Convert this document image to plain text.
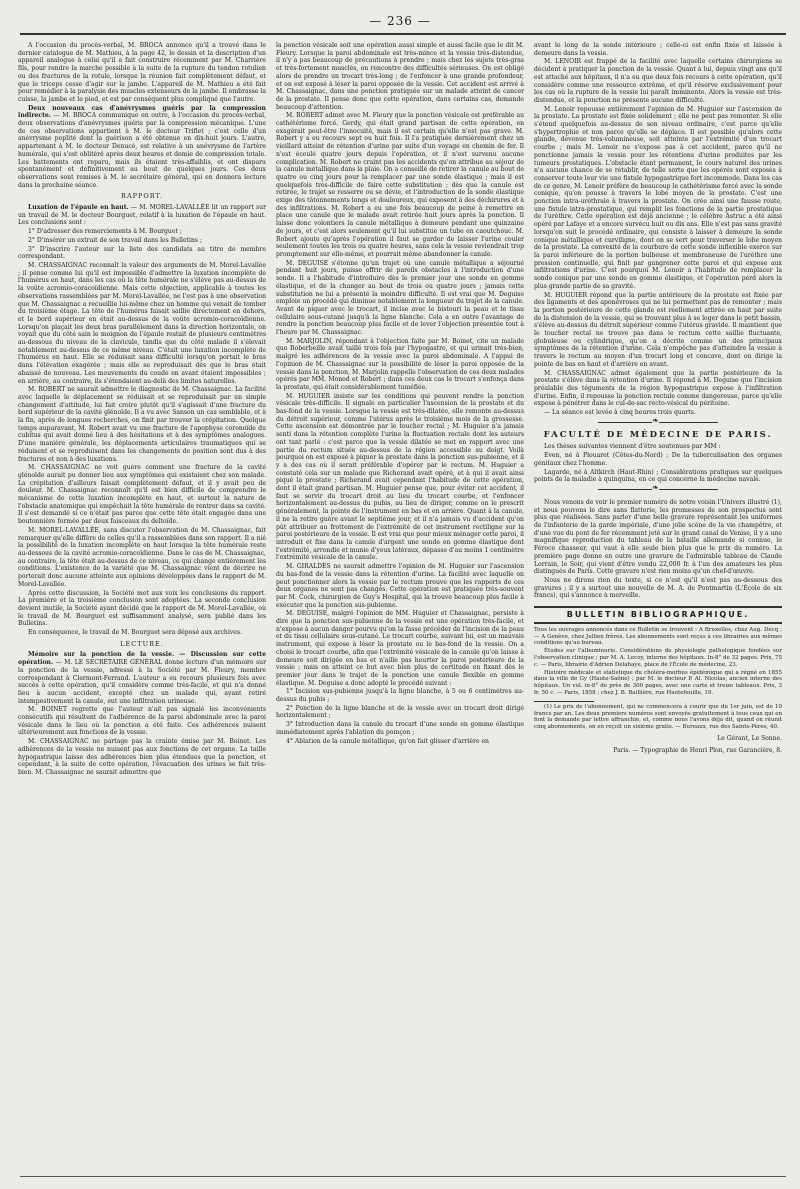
— 236 —

A l'occasion du procès-verbal, M. BROCA annonce qu'il a trouvé dans le dernier catalogue de M. Mathieu, à la page 42, le dessin et la description d'un appareil analogue à celui qu'il a fait construire récemment par M. Charrière fils, pour rendre la marche possible à la suite de la rupture du tendon rotulien ou des fractures de la rotule, lorsque la réunion fait complètement défaut, et que le triceps cesse d'agir sur la jambe. L'appareil de M. Mathieu a été fait pour remédier à la paralysie des muscles extenseurs de la jambe. Il embrasse la cuisse, la jambe et le pied, et est par conséquent plus compliqué que l'autre.

Deux nouveaux cas d'anévrysmes guéris par la compression indirecte. — M. BROCA communique en outre, à l'occasion du procès-verbal, deux observations d'anévrysmes guéris par la compression mécanique. L'une de ces observations appartient à M. le docteur Triflet ; c'est celle d'un anévrysme poplité dont la guérison a été obtenue en dix-huit jours. L'autre, appartenant à M. le docteur Denucé, est relative à un anévrysme de l'artère humérale, qui s'est oblitéré après deux heures et demie de compression totale. Les battements ont reparu, mais ils étaient très-affaiblis, et ont disparu spontanément et définitivement au bout de quelques jours. Ces deux observations sont remises à M. le secrétaire général, qui en donnera lecture dans la prochaine séance.

RAPPORT.

Luxation de l'épaule en haut. — M. MOREL-LAVALLÉE lit un rapport sur un travail de M. le docteur Bourguet, relatif à la luxation de l'épaule en haut. Les conclusions sont :

1° D'adresser des remerciements à M. Bourguet ;

2° D'insérer un extrait de son travail dans les Bulletins ;

3° D'inscrire l'auteur sur la liste des candidats au titre de membre correspondant.

M. CHASSAIGNAC reconnaît la valeur des arguments de M. Morel-Lavallée ; il pense comme lui qu'il est impossible d'admettre la luxation incomplète de l'humérus en haut, dans les cas où la tête humérale ne s'élève pas au-dessus de la voûte acromio-coracoïdienne. Mais cette objection, applicable à toutes les observations rassemblées par M. Morel-Lavallée, ne l'est pas à une observation que M. Chassaignac a recueillie lui-même chez un homme qui venait de tomber du troisième étage. La tête de l'humérus faisait saillie directement en dehors, et le bord supérieur en était au-dessus de la voûte acromio-coracoïdienne. Lorsqu'on plaçait les deux bras parallèlement dans la direction horizontale, on voyait que du côté sain le moignon de l'épaule restait de plusieurs centimètres au-dessous du niveau de la clavicule, tandis que du côté malade il s'élevait notablement au-dessus de ce même niveau. C'était une luxation incomplète de l'humérus en haut. Elle se réduisait sans difficulté lorsqu'on portait le bras dans l'élévation exagérée ; mais elle se reproduisait dès que le bras était abaissé de nouveau. Les mouvements du coude en avant étaient impossibles ; en arrière, au contraire, ils s'étendaient au-delà des limites naturelles.

M. ROBERT ne saurait admettre le diagnostic de M. Chassaignac. La facilité avec laquelle le déplacement se réduisait et se reproduisait par un simple changement d'attitude, lui fait croire plutôt qu'il s'agissait d'une fracture du bord supérieur de la cavité glénoïde. Il a vu avec Sanson un cas semblable, et à la fin, après de longues recherches, on finit par trouver la crépitation. Quelque temps auparavant, M. Robert avait vu une fracture de l'apophyse coronoïde du cubitus qui avait donné lieu à des hésitations et à des symptômes analogues. D'une manière générale, les déplacements articulaires traumatiques qui se réduisent et se reproduisent dans les changements de position sont dus à des fractures et non à des luxations.

M. CHASSAIGNAC ne voit guère comment une fracture de la cavité glénoïde aurait pu donner lieu aux symptômes qui existaient chez son malade. La crépitation d'ailleurs faisait complètement défaut, et il y avait peu de douleur. M. Chassaignac reconnaît qu'il est bien difficile de comprendre le mécanisme de cette luxation incomplète en haut, et surtout la nature de l'obstacle anatomique qui empêchait la tête humérale de rentrer dans sa cavité. Il s'est demandé si ce n'était pas parce que cette tête était engagée dans une boutonnière formée par deux faisceaux du deltoïde.

M. MOREL-LAVALLÉE, sans discuter l'observation de M. Chassaignac, fait remarquer qu'elle diffère de celles qu'il a rassemblées dans son rapport. Il a nié la possibilité de la luxation incomplète en haut lorsque la tête humérale reste au-dessous de la cavité acromio-coracoïdienne. Dans le cas de M. Chassaignac, au contraire, la tête était au-dessus de ce niveau, ce qui change entièrement les conditions. L'existence de la variété que M. Chassaignac vient de décrire ne porterait donc aucune atteinte aux opinions développées dans le rapport de M. Morel-Lavallée.

Après cette discussion, la Société met aux voix les conclusions du rapport. La première et la troisième conclusion sont adoptées. La seconde conclusion devient inutile, la Société ayant décidé que le rapport de M. Morel-Lavallée, où le travail de M. Bourguet est suffisamment analysé, sera publié dans les Bulletins.

En conséquence, le travail de M. Bourguet sera déposé aux archives.

LECTURE.

Mémoire sur la ponction de la vessie. — Discussion sur cette opération. — M. LE SECRÉTAIRE GÉNÉRAL donne lecture d'un mémoire sur la ponction de la vessie, adressé à la Société par M. Fleury, membre correspondant à Clermont-Ferrand. L'auteur a eu recours plusieurs fois avec succès à cette opération, qu'il considère comme très-facile, et qui n'a donné lieu à aucun accident, excepté chez un malade qui, ayant retiré intempestivement la canule, eut une infiltration urineuse.

M. BOINET regrette que l'auteur n'ait pas signalé les inconvénients consécutifs qui résultent de l'adhérence de la paroi abdominale avec la paroi vésicale dans le lieu où la ponction a été faite. Ces adhérences nuisent ultérieurement aux fonctions de la vessie.

M. CHASSAIGNAC ne partage pas la crainte émise par M. Boinet. Les adhérences de la vessie ne nuisent pas aux fonctions de cet organe. La taille hypogastrique laisse des adhérences bien plus étendues que la ponction, et cependant, à la suite de cette opération, l'évacuation des urines se fait très-bien. M. Chassaignac ne saurait admettre que

la ponction vésicale soit une opération aussi simple et aussi facile que le dit M. Fleury. Lorsque la paroi abdominale est très-mince et la vessie très-distendue, il n'y a pas beaucoup de précautions à prendre ; mais chez les sujets très-gras et très-fortement musclés, on rencontre des difficultés sérieuses. On est obligé alors de prendre un trocart très-long ; de l'enfoncer à une grande profondeur, et on est exposé à léser la paroi opposée de la vessie. Cet accident est arrivé à M. Chassaignac, dans une ponction pratiquée sur un malade atteint de cancer de la prostate. Il pense donc que cette opération, dans certains cas, demande beaucoup d'attention.

M. ROBERT admet avec M. Fleury que la ponction vésicale est préférable au cathétérisme forcé. Gerdy, qui était grand partisan de cette opération, en exagérait peut-être l'innocuité, mais il est certain qu'elle n'est pas grave. M. Robert y a eu recours sept ou huit fois. Il l'a pratiquée dernièrement chez un vieillard atteint de rétention d'urine par suite d'un voyage en chemin de fer. Il n'est écoulé quatre jours depuis l'opération, et il n'est survenu aucune complication. M. Robert ne craint pas les accidents qu'on attribue au séjour de la canule métallique dans la plaie. On a conseillé de retirer la canule au bout de quatre ou cinq jours pour la remplacer par une sonde élastique ; mais il est quelquefois très-difficile de faire cette substitution ; dès que la canule est retirée, le trajet se resserre ou se dévie, et l'introduction de la sonde élastique exige des tâtonnements longs et douloureux, qui exposent à des déchirures et à des infiltrations. M. Robert a eu une fois beaucoup de peine à remettre en place une canule que le malade avait retirée huit jours après la ponction. Il laisse donc volontiers la canule métallique à demeure pendant une quinzaine de jours, et c'est alors seulement qu'il lui substitue un tube en caoutchouc. M. Robert ajoute qu'après l'opération il faut se garder de laisser l'urine couler seulement toutes les trois ou quatre heures, sans cela la vessie reviendrait trop promptement sur elle-même, et pourrait même abandonner la canule.

M. DEGUISE s'étonne qu'un trajet où une canule métallique a séjourné pendant huit jours, puisse offrir de pareils obstacles à l'introduction d'une sonde. Il a l'habitude d'introduire dès le premier jour une sonde en gomme élastique, et de la changer au bout de trois ou quatre jours ; jamais cette substitution ne lui a présenté la moindre difficulté. Il est vrai que M. Deguise emploie un procédé qui diminue notablement la longueur du trajet de la canule. Avant de piquer avec le trocart, il incise avec le bistouri la peau et le tissu cellulaire sous-cutané jusqu'à la ligne blanche. Cela a en outre l'avantage de rendre la ponction beaucoup plus facile et de lever l'objection présentée tout à l'heure par M. Chassaignac.

M. MARJOLIN, répondant à l'objection faite par M. Boinet, cite un malade que Roberbeille avait taillé trois fois par l'hypogastre, et qui urinait très-bien, malgré les adhérences de la vessie avec la paroi abdominale. A l'appui de l'opinion de M. Chassaignac sur la possibilité de léser la paroi opposée de la vessie dans la ponction, M. Marjolin rappelle l'observation de ces deux malades opérés par MM. Monod et Robert ; dans ces deux cas le trocart s'enfonça dans la prostate, qui était considérablement tuméfiée.

M. HUGUIER insiste sur les conditions qui peuvent rendre la ponction vésicale très-difficile. Il signale en particulier l'ascension de la prostate et du bas-fond de la vessie. Lorsque la vessie est très-dilatée, elle remonte au-dessus du détroit supérieur, comme l'utérus après le troisième mois de la grossesse. Cette ascension est démontrée par le toucher rectal ; M. Huguier n'a jamais senti dans la rétention complète l'urine la fluctuation rectale dont les auteurs ont tant parlé : c'est parce que la vessie dilatée se met en rapport avec une partie du rectum située au-dessus de la région accessible au doigt. Voilà pourquoi on est exposé à piquer la prostate dans la ponction sus-pubienne, et il y a des cas où il serait préférable d'opérer par le rectum. M. Huguier a constaté cela sur un malade que Richerand avait opéré, et à qui il avait ainsi piqué la prostate ; Richerand avait cependant l'habitude de cette opération, dont il était grand partisan. M. Huguier pense que, pour éviter cet accident, il faut se servir du trocart droit au lieu du trocart courbe, et l'enfoncer horizontalement au-dessus du pubis, au lieu de diriger, comme on le prescrit généralement, la pointe de l'instrument en bas et en arrière. Quant à la canule, il ne la retire guère avant le septième jour, et il n'a jamais vu d'accident qu'on pût attribuer au frottement de l'extrémité de cet instrument rectiligne sur la paroi postérieure de la vessie. Il est vrai que pour mieux ménager cette paroi, il introduit et fixe dans la canule d'argent une sonde en gomme élastique dont l'extrémité, arrondie et munie d'yeux latéraux, dépasse d'au moins 1 centimètre l'extrémité vésicale de la canule.

M. GIRALDÈS ne saurait admettre l'opinion de M. Huguier sur l'ascension du bas-fond de la vessie dans la rétention d'urine. La facilité avec laquelle on peut ponctionner alors la vessie par le rectum prouve que les rapports de ces deux organes ne sont pas changés. Cette opération est pratiquée très-souvent par M. Cock, chirurgien de Guy's Hospital, qui la trouve beaucoup plus facile à exécuter que la ponction sus-pubienne.

M. DEGUISE, malgré l'opinion de MM. Huguier et Chassaignac, persiste à dire que la ponction sus-pubienne de la vessie est une opération très-facile, et n'expose à aucun danger pourvu qu'on la fasse précéder de l'incision de la peau et du tissu cellulaire sous-cutané. Le trocart courbe, suivant lui, est un mauvais instrument, qui expose à léser la prostate ou le bas-fond de la vessie. On a choisi le trocart courbe, afin que l'extrémité vésicale de la canule qu'on laisse à demeure soit dirigée en bas et n'aille pas heurter la paroi postérieure de la vessie ; mais on atteint ce but avec bien plus de certitude en fixant dès le premier jour dans le trajet de la ponction une canule flexible en gomme élastique. M. Deguise a donc adopté le procédé suivant :

1° Incision sus-pubienne jusqu'à la ligne blanche, à 5 ou 6 centimètres au-dessus du pubis ;

2° Ponction de la ligne blanche et de la vessie avec un trocart droit dirigé horizontalement ;

3° Introduction dans la canule du trocart d'une sonde en gomme élastique immédiatement après l'ablation du poinçon ;

4° Ablation de la canule métallique, qu'on fait glisser d'arrière en

avant le long de la sonde intérieure ; celle-ci est enfin fixée et laissée à demeure dans la vessie.

M. LENOIR est frappé de la facilité avec laquelle certains chirurgiens se décident à pratiquer la ponction de la vessie. Quant à lui, depuis vingt ans qu'il est attaché aux hôpitaux, il n'a eu que deux fois recours à cette opération, qu'il considère comme une ressource extrême, et qu'il réserve exclusivement pour les cas où la rupture de la vessie lui paraît imminente. Alors la vessie est très-distendue, et la ponction ne présente aucune difficulté.

M. Lenoir repousse entièrement l'opinion de M. Huguier sur l'ascension de la prostate. La prostate est fixée solidement ; elle ne peut pas remonter. Si elle s'étend quelquefois au-dessus de son niveau ordinaire, c'est parce qu'elle s'hypertrophie et non parce qu'elle se déplace. Il est possible qu'alors cette glande, devenue très-volumineuse, soit atteinte par l'extrémité d'un trocart courbe ; mais M. Lenoir ne s'expose pas à cet accident, parce qu'il ne ponctionne jamais la vessie pour les rétentions d'urine produites par les tumeurs prostatiques. L'obstacle étant permanent, le cours naturel des urines n'a aucune chance de se rétablir, de telle sorte que les opérés sont exposés à conserver toute leur vie une fistule hypogastrique fort incommode. Dans les cas de ce genre, M. Lenoir préfère de beaucoup le cathétérisme forcé avec la sonde conique, qu'on pousse à travers le lobe moyen de la prostate. C'est une ponction intra-uréthrale à travers la prostate. On crée ainsi une fausse route, une fistule intra-prostatique, qui remplit les fonctions de la partie prostatique de l'urèthre. Cette opération est déjà ancienne ; le célèbre Astruc a été ainsi opéré par Lafaye et a encore survécu huit ou dix ans. Elle n'est pas sans gravité lorsqu'on suit le procédé ordinaire, qui consiste à laisser à demeure la sonde conique métallique et curviligne, dont on se sert pour traverser le lobe moyen de la prostate. La convexité de la courbure de cette sonde inflexible exerce sur la paroi inférieure de la portion bulbeuse et membraneuse de l'urèthre une pression continuelle, qui finit par gangrener cette paroi et qui expose aux infiltrations d'urine. C'est pourquoi M. Lenoir a l'habitude de remplacer la sonde conique par une sonde en gomme élastique, et l'opération perd alors la plus grande partie de sa gravité.

M. HUGUIER répond que la partie antérieure de la prostate est fixée par des ligaments et des aponévroses qui ne lui permettent pas de remonter ; mais la portion postérieure de cette glande est réellement attirée en haut par suite de la distension de la vessie, qui se trouvant plus à se loger dans le petit bassin, s'élève au-dessus du détroit supérieur comme l'utérus gravide. Il maintient que le toucher rectal ne trouve pas dans le rectum cette saillie fluctuante, globuleuse ou cylindrique, qu'on a décrite comme un des principaux symptômes de la rétention d'urine. Cela n'empêche pas d'atteindre la vessie à travers le rectum au moyen d'un trocart long et concave, dont on dirige la pointe de bas en haut et d'arrière en avant.

M. CHASSAIGNAC admet également que la partie postérieure de la prostate s'élève dans la rétention d'urine. Il répond à M. Deguise que l'incision préalable des téguments de la région hypogastrique expose à l'infiltration d'urine. Enfin, il repousse la ponction rectale comme dangereuse, parce qu'elle expose à pénétrer dans le cul-de-sac recto-vésical du péritoine.

— La séance est levée à cinq heures trois quarts.

❧
FACULTÉ DE MÉDECINE DE PARIS.

Les thèses suivantes viennent d'être soutenues par MM :

Even, né à Plouaret (Côtes-du-Nord) ; De la tuberculisation des organes génitaux chez l'homme.

Lagarde, né à Altkirch (Haut-Rhin) ; Considérations pratiques sur quelques points de la maladie à quinquina, en ce qui concerne la médecine navale.

❧

Nous venons de voir le premier numéro de notre voisin l'Univers illustré (1), et nous pouvons le dire sans flatterie, les promesses de son prospectus sont plus que réalisées. Sans parler d'une belle gravure représentant les uniformes de l'infanterie de la garde impériale, d'une jolie scène de la vie champêtre, et d'une vue du pont de fer récemment jeté sur le grand canal de Venise, il y a une magnifique reproduction du tableau de la bataille allemande si connue, le Féroce chasseur, qui vaut à elle seule bien plus que le prix du numéro. La première page donne en outre une gravure de l'admirable tableau de Claude Lorrain, le Soir, qui vient d'être vendu 22,000 fr. à l'un des amateurs les plus distingués de Paris. Cette gravure n'est rien moins qu'un chef-d'œuvre.

Nous ne dirons rien du texte, si ce n'est qu'il n'est pas au-dessous des gravures ; il y a surtout une nouvelle de M. A. de Pontmartin (L'École de six francs), qui s'annonce à merveille.

BULLETIN BIBLIOGRAPHIQUE.

Tous les ouvrages annoncés dans ce Bulletin se trouvent : A Bruxelles, chez Aug. Decq ; — A Genève, chez Jullien frères. Les abonnements sont reçus à ces librairies aux mêmes conditions qu'au bureau.

Études sur l'albuminurie. Considérations de physiologie pathologique fondées sur l'observation clinique ; par M. A. Lecoy, interne des hôpitaux. In-8° de 32 pages. Prix, 75 c. — Paris, librairie d'Adrien Delahaye, place de l'École de médecine, 23.

Histoire médicale et statistique du choléra-morbus épidémique qui a régné en 1855 dans la ville de Gy (Haute-Saône) ; par M. le docteur P. Al. Nicolas, ancien interne des hôpitaux. Un vol. in-8° de près de 300 pages, avec une carte et treize tableaux. Prix, 3 fr. 50 c. — Paris, 1858 ; chez J. B. Baillière, rue Hautefeuille, 19.

(1) Le prix de l'abonnement, qui ne commencera à courir que du 1er juin, est de 10 francs par an. Les deux premiers numéros sont envoyés gratuitement à tous ceux qui en font la demande par lettre affranchie, et, comme nous l'avons déjà dit, quand on réunit cinq abonnements, on en reçoit un sixième gratis. — Bureaux, rue des Saints-Pères, 40.

Le Gérant, Le Sonne.
Paris. — Typographie de Henri Plon, rue Garancière, 8.
